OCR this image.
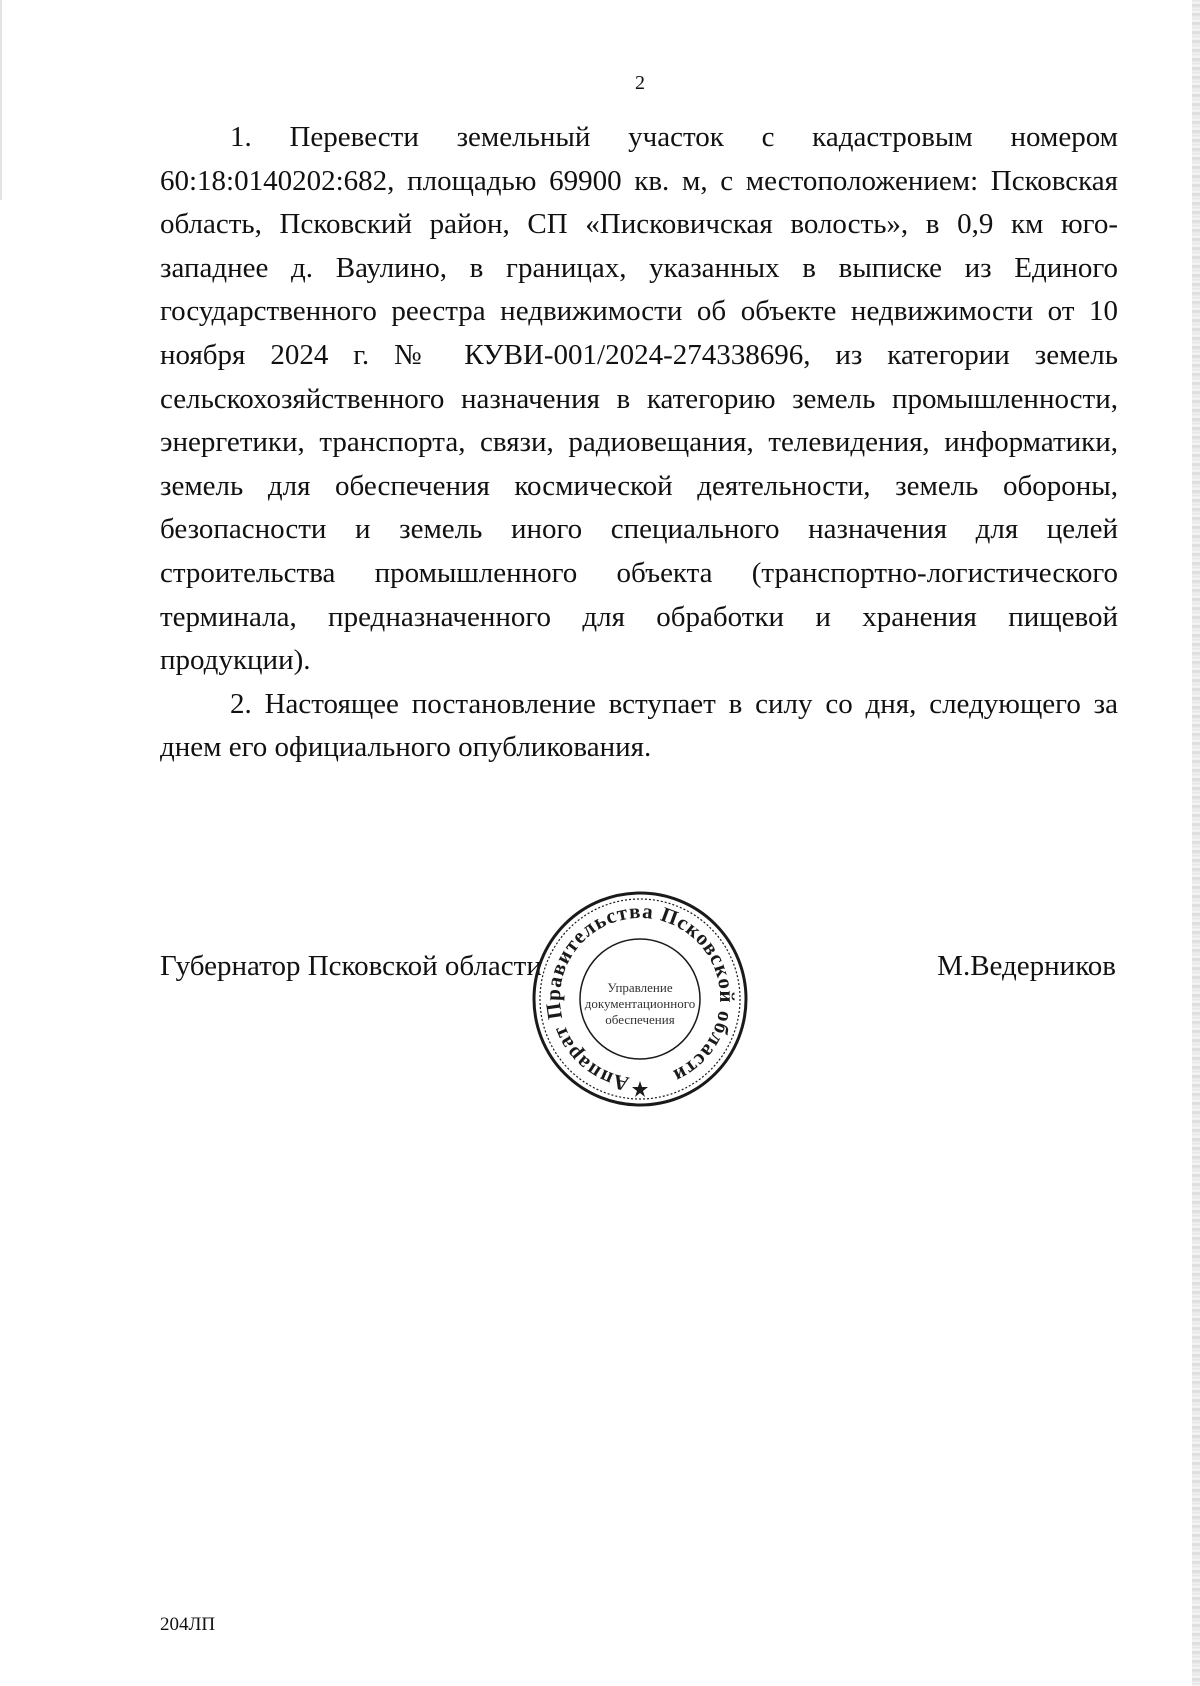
2

1. Перевести земельный участок с кадастровым номером 60:18:0140202:682, площадью 69900 кв. м, с местоположением: Псковская область, Псковский район, СП «Писковичская волость», в 0,9 км юго-западнее д. Ваулино, в границах, указанных в выписке из Единого государственного реестра недвижимости об объекте недвижимости от 10 ноября 2024 г. № КУВИ-001/2024-274338696, из категории земель сельскохозяйственного назначения в категорию земель промышленности, энергетики, транспорта, связи, радиовещания, телевидения, информатики, земель для обеспечения космической деятельности, земель обороны, безопасности и земель иного специального назначения для целей строительства промышленного объекта (транспортно-логистического терминала, предназначенного для обработки и хранения пищевой продукции).

2. Настоящее постановление вступает в силу со дня, следующего за днем его официального опубликования.

Губернатор Псковской области	М.Ведерников
Аппарат Правительства Псковской области
Управление
документационного
обеспечения
204ЛП
